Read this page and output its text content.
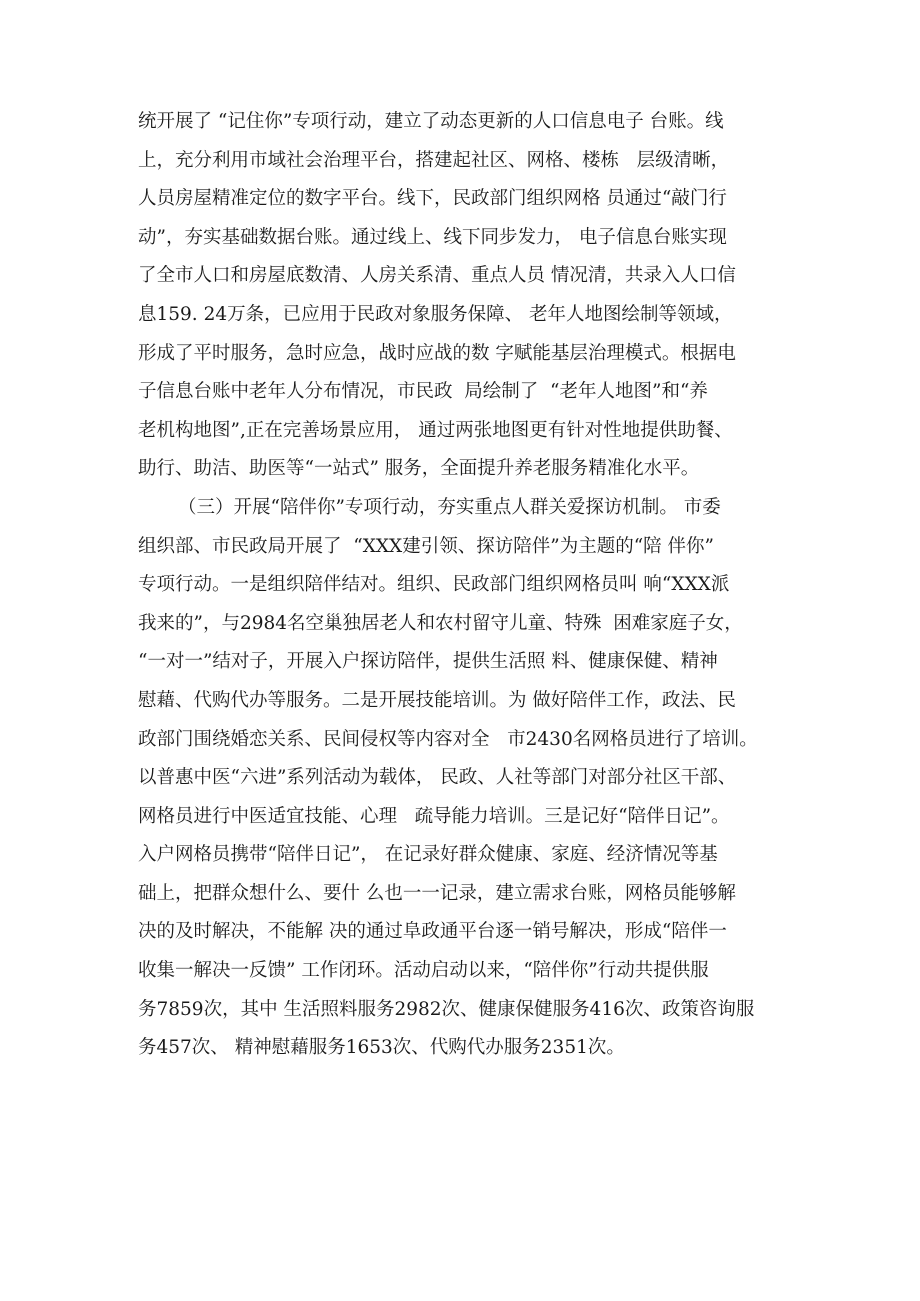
统开展了 “记住你”专项行动，建立了动态更新的人口信息电子 台账。线
上，充分利用市域社会治理平台，搭建起社区、网格、楼栋   层级清晰，
人员房屋精准定位的数字平台。线下，民政部门组织网格 员通过“敲门行
动”，夯实基础数据台账。通过线上、线下同步发力， 电子信息台账实现
了全市人口和房屋底数清、人房关系清、重点人员 情况清，共录入人口信
息159. 24万条，已应用于民政对象服务保障、 老年人地图绘制等领域，
形成了平时服务，急时应急，战时应战的数 字赋能基层治理模式。根据电
子信息台账中老年人分布情况，市民政  局绘制了  “老年人地图”和“养
老机构地图”,正在完善场景应用， 通过两张地图更有针对性地提供助餐、
助行、助洁、助医等“一站式” 服务，全面提升养老服务精准化水平。
（三）开展“陪伴你”专项行动，夯实重点人群关爱探访机制。 市委
组织部、市民政局开展了  “XXX建引领、探访陪伴”为主题的“陪 伴你”
专项行动。一是组织陪伴结对。组织、民政部门组织网格员叫 响“XXX派
我来的”，与2984名空巢独居老人和农村留守儿童、特殊  困难家庭子女，
“一对一”结对子，开展入户探访陪伴，提供生活照 料、健康保健、精神
慰藉、代购代办等服务。二是开展技能培训。为 做好陪伴工作，政法、民
政部门围绕婚恋关系、民间侵权等内容对全   市2430名网格员进行了培训。
以普惠中医“六进”系列活动为载体， 民政、人社等部门对部分社区干部、
网格员进行中医适宜技能、心理   疏导能力培训。三是记好“陪伴日记”。
入户网格员携带“陪伴日记”， 在记录好群众健康、家庭、经济情况等基
础上，把群众想什么、要什 么也一一记录，建立需求台账，网格员能够解
决的及时解决，不能解 决的通过阜政通平台逐一销号解决，形成“陪伴一
收集一解决一反馈” 工作闭环。活动启动以来，“陪伴你”行动共提供服
务7859次，其中 生活照料服务2982次、健康保健服务416次、政策咨询服
务457次、 精神慰藉服务1653次、代购代办服务2351次。
